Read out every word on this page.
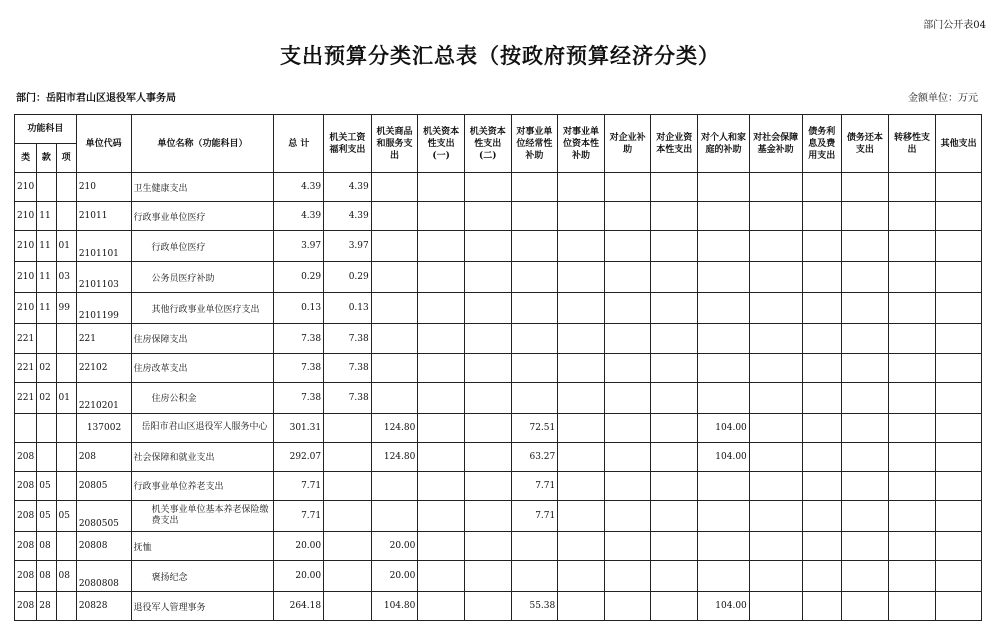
部门公开表04
支出预算分类汇总表（按政府预算经济分类）
部门：岳阳市君山区退役军人事务局	金额单位：万元
功能科目			单位代码	单位名称（功能科目）	总 计	机关工资福利支出	机关商品和服务支出	机关资本性支出(一)	机关资本性支出(二)	对事业单位经常性补助	对事业单位资本性补助	对企业补助	对企业资本性支出	对个人和家庭的补助	对社会保障基金补助	债务利息及费用支出	债务还本支出	转移性支出	其他支出
类	款	项																	
210			210	卫生健康支出	4.39	4.39													
210	11		21011	行政事业单位医疗	4.39	4.39													
210	11	01	2101101	行政单位医疗	3.97	3.97													
210	11	03	2101103	公务员医疗补助	0.29	0.29													
210	11	99	2101199	其他行政事业单位医疗支出	0.13	0.13													
221			221	住房保障支出	7.38	7.38													
221	02		22102	住房改革支出	7.38	7.38													
221	02	01	2210201	住房公积金	7.38	7.38													
			137002	岳阳市君山区退役军人服务中心	301.31		124.80			72.51				104.00					
208			208	社会保障和就业支出	292.07		124.80			63.27				104.00					
208	05		20805	行政事业单位养老支出	7.71					7.71									
208	05	05	2080505	机关事业单位基本养老保险缴费支出	7.71					7.71									
208	08		20808	抚恤	20.00		20.00												
208	08	08	2080808	褒扬纪念	20.00		20.00												
208	28		20828	退役军人管理事务	264.18		104.80			55.38				104.00					
